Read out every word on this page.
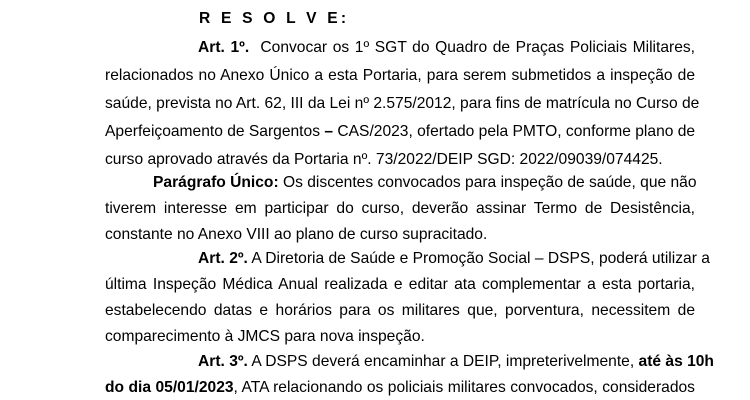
R E S O L V E:
Art. 1º. Convocar os 1º SGT do Quadro de Praças Policiais Militares,
relacionados no Anexo Único a esta Portaria, para serem submetidos a inspeção de
saúde, prevista no Art. 62, III da Lei nº 2.575/2012, para fins de matrícula no Curso de
Aperfeiçoamento de Sargentos – CAS/2023, ofertado pela PMTO, conforme plano de
curso aprovado através da Portaria nº. 73/2022/DEIP SGD: 2022/09039/074425.
Parágrafo Único: Os discentes convocados para inspeção de saúde, que não
tiverem interesse em participar do curso, deverão assinar Termo de Desistência,
constante no Anexo VIII ao plano de curso supracitado.
Art. 2º. A Diretoria de Saúde e Promoção Social – DSPS, poderá utilizar a
última Inspeção Médica Anual realizada e editar ata complementar a esta portaria,
estabelecendo datas e horários para os militares que, porventura, necessitem de
comparecimento à JMCS para nova inspeção.
Art. 3º. A DSPS deverá encaminhar a DEIP, impreterivelmente, até às 10h
do dia 05/01/2023, ATA relacionando os policiais militares convocados, considerados
